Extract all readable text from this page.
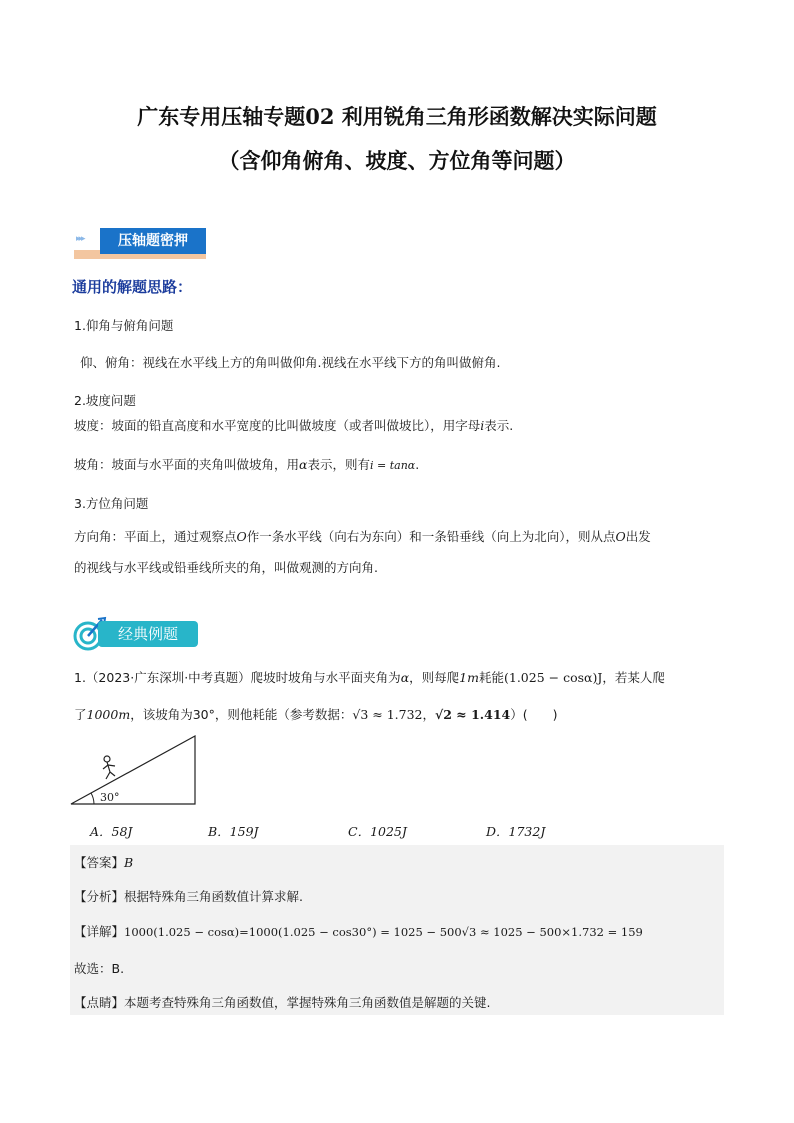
广东专用压轴专题02 利用锐角三角形函数解决实际问题
（含仰角俯角、坡度、方位角等问题）
▸▸▸	压轴题密押
通用的解题思路：
1.仰角与俯角问题
仰、俯角：视线在水平线上方的角叫做仰角.视线在水平线下方的角叫做俯角.
2.坡度问题
坡度：坡面的铅直高度和水平宽度的比叫做坡度（或者叫做坡比），用字母i表示.
坡角：坡面与水平面的夹角叫做坡角，用α表示，则有i = tanα.
3.方位角问题
方向角：平面上，通过观察点O作一条水平线（向右为东向）和一条铅垂线（向上为北向），则从点O出发
的视线与水平线或铅垂线所夹的角，叫做观测的方向角.
经典例题
1.（2023·广东深圳·中考真题）爬坡时坡角与水平面夹角为α，则每爬1m耗能(1.025 − cosα)J，若某人爬
了1000m，该坡角为30°，则他耗能（参考数据：√3 ≈ 1.732，√2 ≈ 1.414）(　　)
30°
A．58J	B．159J	C．1025J	D．1732J
【答案】B
【分析】根据特殊角三角函数值计算求解.
【详解】1000(1.025 − cosα)=1000(1.025 − cos30°) = 1025 − 500√3 ≈ 1025 − 500×1.732 = 159
故选：B.
【点睛】本题考查特殊角三角函数值，掌握特殊角三角函数值是解题的关键.
